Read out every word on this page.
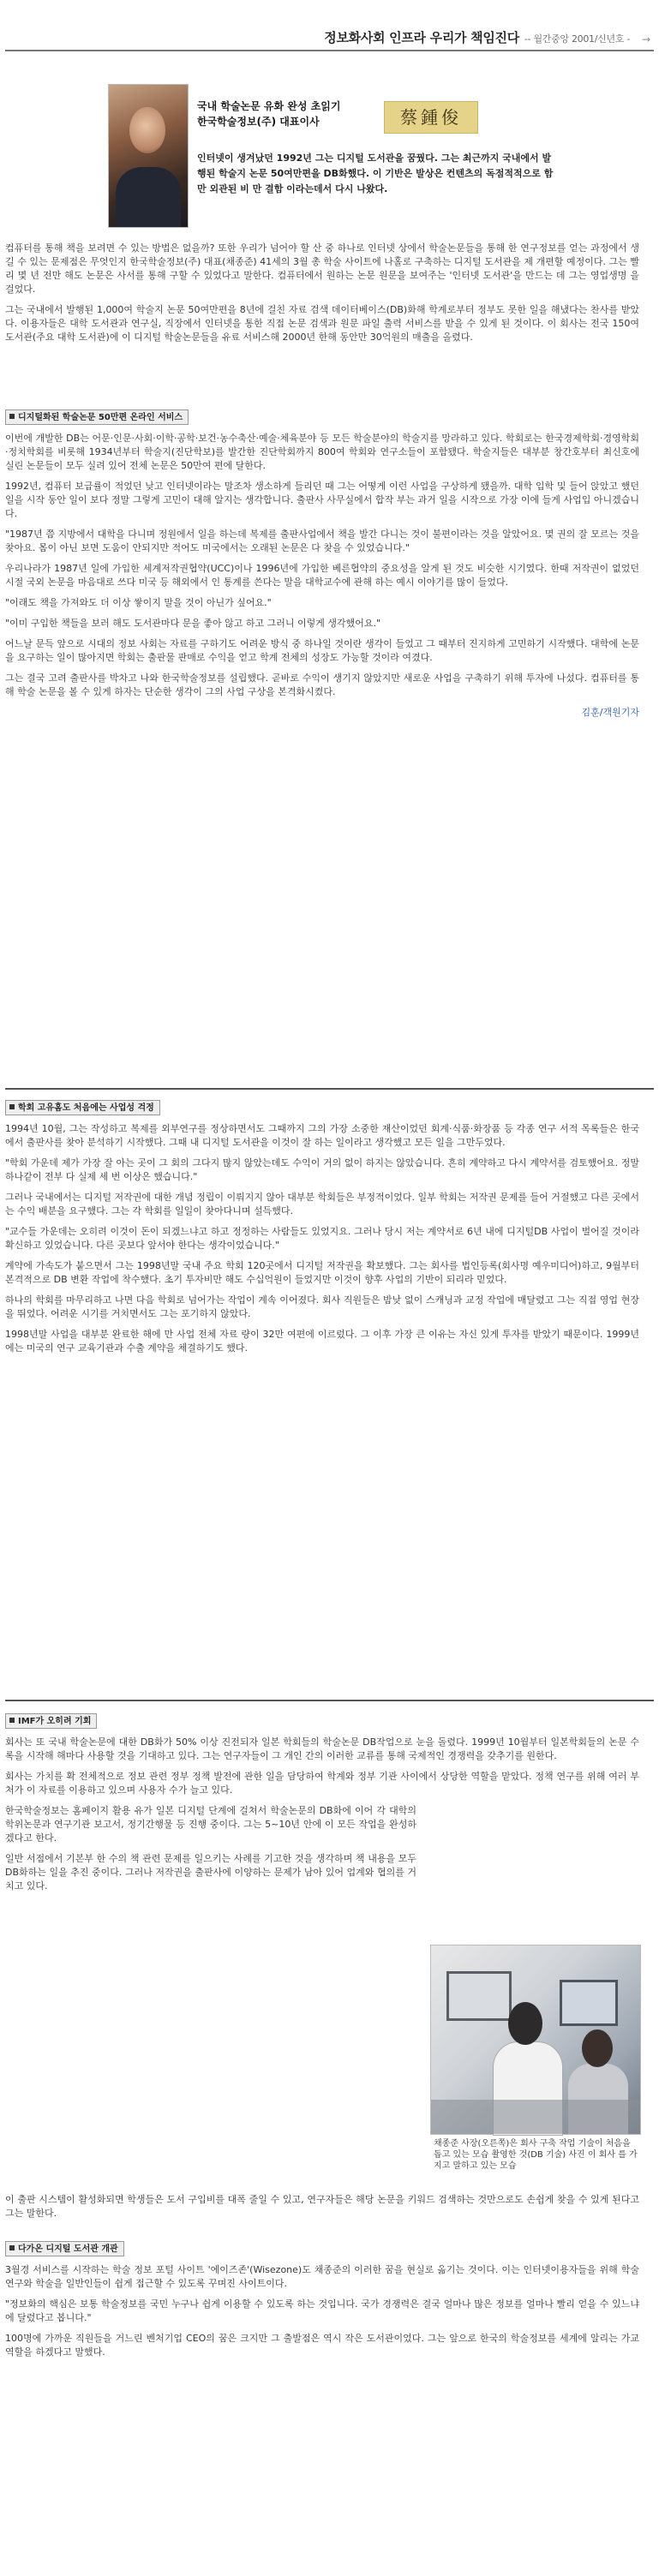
정보화사회 인프라 우리가 책임진다 -- 월간중앙 2001/신년호 - →
국내 학술논문 유화 완성 초읽기
한국학술정보(주) 대표이사	蔡鍾俊
인터넷이 생겨났던 1992년 그는 디지털 도서관을 꿈꿨다. 그는 최근까지 국내에서 발행된 학술지 논문 50여만편을 DB화했다. 이 기반은 발상은 컨텐츠의 독점적적으로 함만 외관된 비 만 결함 이라는데서 다시 나왔다.

컴퓨터를 통해 책을 보려면 수 있는 방법은 없을까? 또한 우리가 넘어야 할 산 중 하나로 인터넷 상에서 학술논문들을 통해 한 연구정보를 얻는 과정에서 생길 수 있는 문제점은 무엇인지 한국학술정보(주) 대표(채종준) 41세의 3월 총 학술 사이트에 나홀로 구축하는 디지털 도서관을 제 개편할 예정이다. 그는 빨리 몇 년 전만 해도 논문은 사서를 통해 구할 수 있었다고 말한다. 컴퓨터에서 원하는 논문 원문을 보여주는 '인터넷 도서관'을 만드는 데 그는 영업생명 을 걸었다.

그는 국내에서 발행된 1,000여 학술지 논문 50여만편을 8년에 걸친 자료 검색 데이터베이스(DB)화해 학계로부터 정부도 못한 일을 해냈다는 찬사를 받았다. 이용자들은 대학 도서관과 연구실, 직장에서 인터넷을 통한 직접 논문 검색과 원문 파일 출력 서비스를 받을 수 있게 된 것이다. 이 회사는 전국 150여 도서관(주요 대학 도서관)에 이 디지털 학술논문들을 유료 서비스해 2000년 한해 동안만 30억원의 매출을 올렸다.

디지털화된 학술논문 50만편 온라인 서비스

이번에 개발한 DB는 어문·인문·사회·이학·공학·보건·농수축산·예술·체육분야 등 모든 학술분야의 학술지를 망라하고 있다. 학회로는 한국경제학회·경영학회·정치학회를 비롯해 1934년부터 학술지(진단학보)를 발간한 진단학회까지 800여 학회와 연구소들이 포함됐다. 학술지들은 대부분 창간호부터 최신호에 실린 논문들이 모두 실려 있어 전체 논문은 50만여 편에 달한다.

1992년, 컴퓨터 보급률이 적었던 낮고 인터넷이라는 말조차 생소하게 들리던 때 그는 어떻게 이런 사업을 구상하게 됐을까. 대학 입학 및 들어 앉았고 했던 일을 시작 동안 일이 보다 정말 그렇게 고민이 대해 알지는 생각합니다. 출판사 사무실에서 합작 부는 과거 일을 시작으로 가장 이에 들게 사업입 아니겠습니다.

"1987년 쯤 지방에서 대학을 다니며 정원에서 일을 하는데 복제를 출판사업에서 책을 발간 다니는 것이 불편이라는 것을 알았어요. 몇 권의 잘 모르는 것을 찾아요. 몸이 아닌 보면 도움이 안되지만 적어도 미국에서는 오래된 논문은 다 찾을 수 있었습니다."

우리나라가 1987년 일에 가입한 세계저작권협약(UCC)이나 1996년에 가입한 베른협약의 중요성을 알게 된 것도 비슷한 시기였다. 한때 저작권이 없었던 시절 국외 논문을 마음대로 쓰다 미국 등 해외에서 인 통계를 쓴다는 말을 대학교수에 관해 하는 예시 이야기를 많이 들었다.

"이래도 책을 가져와도 더 이상 쌓이지 말을 것이 아닌가 싶어요."

"이미 구입한 책들을 보러 해도 도서관마다 문을 좋아 않고 하고 그러니 이렇게 생각했어요."

어느날 문득 앞으로 시대의 정보 사회는 자료를 구하기도 어려운 방식 중 하나일 것이란 생각이 들었고 그 때부터 진지하게 고민하기 시작했다. 대학에 논문을 요구하는 일이 많아지면 학회는 출판물 판매로 수익을 얻고 학계 전체의 성장도 가능할 것이라 여겼다.

그는 결국 고려 출판사를 박차고 나와 한국학술정보를 설립했다. 곧바로 수익이 생기지 않았지만 새로운 사업을 구축하기 위해 투자에 나섰다. 컴퓨터를 통해 학술 논문을 볼 수 있게 하자는 단순한 생각이 그의 사업 구상을 본격화시켰다.

김훈/객원기자
학회 고유홈도 처음에는 사업성 걱정

1994년 10월, 그는 작성하고 복제를 외부연구를 정상하면서도 그때까지 그의 가장 소중한 재산이었던 회계·식품·화장품 등 각종 연구 서적 목록들은 한국에서 출판사를 찾아 분석하기 시작했다. 그때 내 디지털 도서관을 이것이 잘 하는 일이라고 생각했고 모든 일을 그만두었다.

"학회 가운데 제가 가장 잘 아는 곳이 그 회의 그다지 많지 않았는데도 수익이 거의 없이 하지는 않았습니다. 흔히 계약하고 다시 계약서를 검토했어요. 정말 하나같이 전부 다 실제 세 번 이상은 했습니다."

그러나 국내에서는 디지털 저작권에 대한 개념 정립이 이뤄지지 않아 대부분 학회들은 부정적이었다. 일부 학회는 저작권 문제를 들어 거절했고 다른 곳에서는 수익 배분을 요구했다. 그는 각 학회를 일일이 찾아다니며 설득했다.

"교수들 가운데는 오히려 이것이 돈이 되겠느냐고 하고 정정하는 사람들도 있었지요. 그러나 당시 저는 계약서로 6년 내에 디지털DB 사업이 벌어질 것이라 확신하고 있었습니다. 다른 곳보다 앞서야 한다는 생각이었습니다."

계약에 가속도가 붙으면서 그는 1998년말 국내 주요 학회 120곳에서 디지털 저작권을 확보했다. 그는 회사를 법인등록(회사명 예우미디어)하고, 9월부터 본격적으로 DB 변환 작업에 착수했다. 초기 투자비만 해도 수십억원이 들었지만 이것이 향후 사업의 기반이 되리라 믿었다.

하나의 학회를 마무리하고 나면 다음 학회로 넘어가는 작업이 계속 이어졌다. 회사 직원들은 밤낮 없이 스캐닝과 교정 작업에 매달렸고 그는 직접 영업 현장을 뛰었다. 어려운 시기를 거치면서도 그는 포기하지 않았다.

1998년말 사업을 대부분 완료한 해에 만 사업 전체 자료 량이 32만 여편에 이르렀다. 그 이후 가장 큰 이유는 자신 있게 투자를 받았기 때문이다. 1999년에는 미국의 연구 교육기관과 수출 계약을 체결하기도 했다.

IMF가 오히려 기회

회사는 또 국내 학술논문에 대한 DB화가 50% 이상 진전되자 일본 학회들의 학술논문 DB작업으로 눈을 돌렸다. 1999년 10월부터 일본학회들의 논문 수록을 시작해 해마다 사용할 것을 기대하고 있다. 그는 연구자들이 그 개인 간의 이러한 교류를 통해 국제적인 경쟁력을 갖추기를 원한다.

회사는 가치를 확 전체적으로 정보 관련 정부 정책 발전에 관한 일을 담당하여 학계와 정부 기관 사이에서 상당한 역할을 맡았다. 정책 연구를 위해 여러 부처가 이 자료를 이용하고 있으며 사용자 수가 늘고 있다.

한국학술정보는 홈페이지 활용 유가 일본 디지털 단계에 걸쳐서 학술논문의 DB화에 이어 각 대학의 학위논문과 연구기관 보고서, 정기간행물 등 진행 중이다. 그는 5~10년 안에 이 모든 작업을 완성하겠다고 한다.

일반 서점에서 기본부 한 수의 책 관련 문제를 일으키는 사례를 기고한 것을 생각하며 책 내용을 모두 DB화하는 일을 추진 중이다. 그러나 저작권을 출판사에 이양하는 문제가 남아 있어 업계와 협의를 거치고 있다.

채종준 사장(오른쪽)은 회사 구축 작업 기술이 처음을 돕고 있는 모습 촬영한 것(DB 기술) 사진 이 회사 를 가지고 말하고 있는 모습

이 출판 시스템이 활성화되면 학생들은 도서 구입비를 대폭 줄일 수 있고, 연구자들은 해당 논문을 키워드 검색하는 것만으로도 손쉽게 찾을 수 있게 된다고 그는 말한다.

다가온 디지털 도서관 개관

3월경 서비스를 시작하는 학술 정보 포털 사이트 '에이즈존'(Wisezone)도 채종준의 이러한 꿈을 현실로 옮기는 것이다. 이는 인터넷이용자들을 위해 학술 연구와 학술을 일반인들이 쉽게 접근할 수 있도록 꾸며진 사이트이다.

"정보화의 핵심은 보통 학술정보를 국민 누구나 쉽게 이용할 수 있도록 하는 것입니다. 국가 경쟁력은 결국 얼마나 많은 정보를 얼마나 빨리 얻을 수 있느냐에 달렸다고 봅니다."

100명에 가까운 직원들을 거느린 벤처기업 CEO의 꿈은 크지만 그 출발점은 역시 작은 도서관이었다. 그는 앞으로 한국의 학술정보를 세계에 알리는 가교 역할을 하겠다고 말했다.
